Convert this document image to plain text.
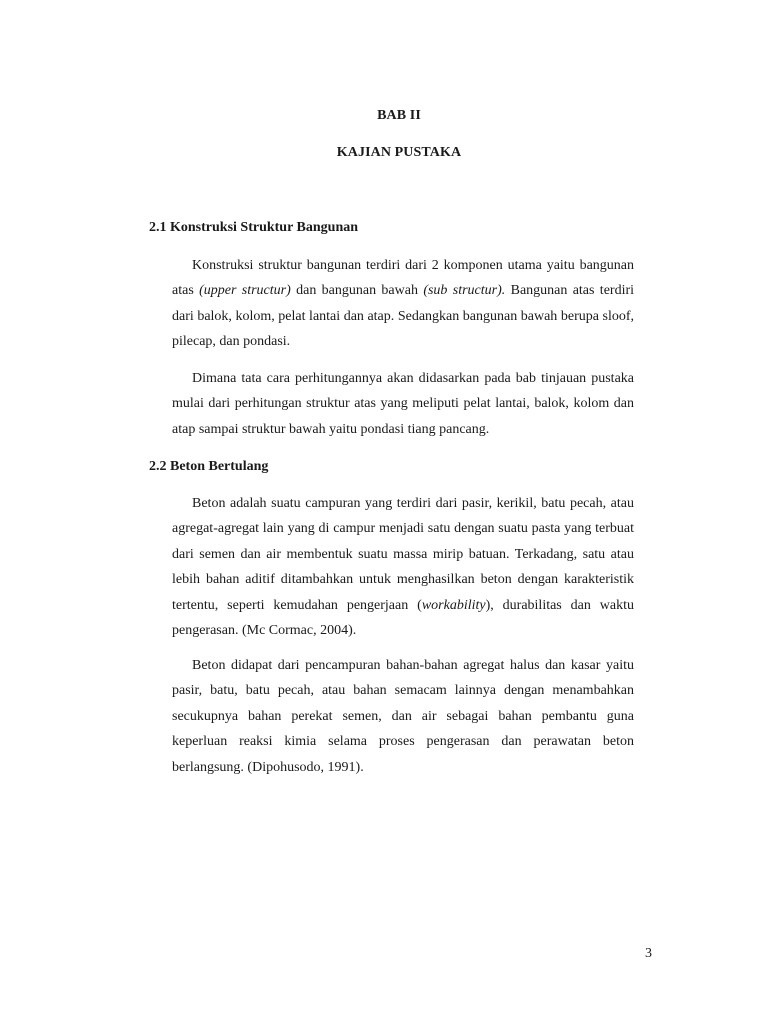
BAB II
KAJIAN PUSTAKA
2.1 Konstruksi Struktur Bangunan

Konstruksi struktur bangunan terdiri dari 2 komponen utama yaitu bangunan atas (upper structur) dan bangunan bawah (sub structur). Bangunan atas terdiri dari balok, kolom, pelat lantai dan atap. Sedangkan bangunan bawah berupa sloof, pilecap, dan pondasi.

Dimana tata cara perhitungannya akan didasarkan pada bab tinjauan pustaka mulai dari perhitungan struktur atas yang meliputi pelat lantai, balok, kolom dan atap sampai struktur bawah yaitu pondasi tiang pancang.

2.2 Beton Bertulang

Beton adalah suatu campuran yang terdiri dari pasir, kerikil, batu pecah, atau agregat-agregat lain yang di campur menjadi satu dengan suatu pasta yang terbuat dari semen dan air membentuk suatu massa mirip batuan. Terkadang, satu atau lebih bahan aditif ditambahkan untuk menghasilkan beton dengan karakteristik tertentu, seperti kemudahan pengerjaan (workability), durabilitas dan waktu pengerasan. (Mc Cormac, 2004).

Beton didapat dari pencampuran bahan-bahan agregat halus dan kasar yaitu pasir, batu, batu pecah, atau bahan semacam lainnya dengan menambahkan secukupnya bahan perekat semen, dan air sebagai bahan pembantu guna keperluan reaksi kimia selama proses pengerasan dan perawatan beton berlangsung. (Dipohusodo, 1991).

3
